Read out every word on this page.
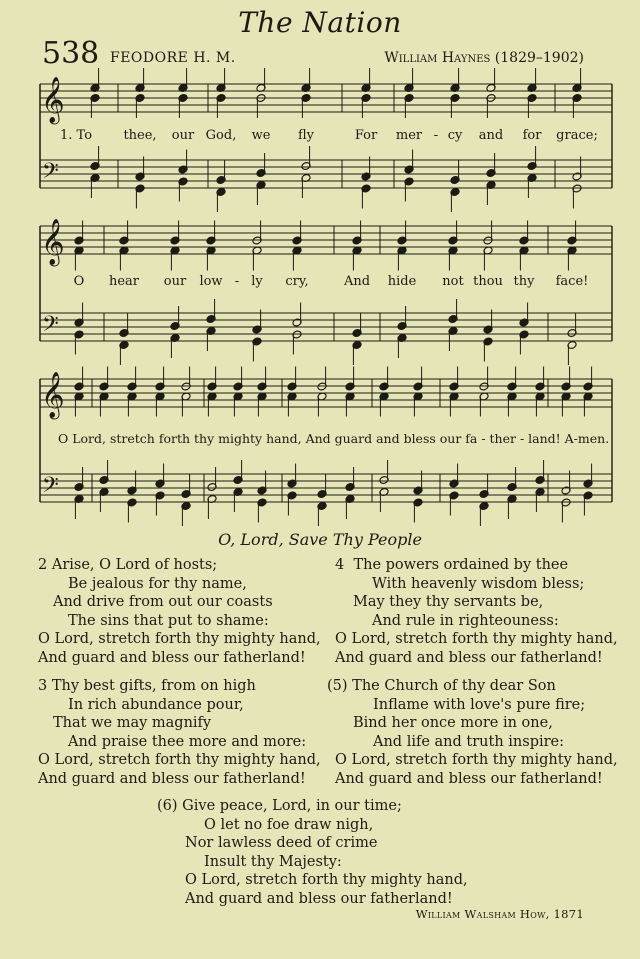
The Nation
538 FEODORE H. M.	William Haynes (1829–1902)
𝄞
𝄢
𝄞
𝄢
𝄞
𝄢
1. To thee, our God, we fly	For mer - cy and for grace;
O hear our low - ly cry,	And hide not thou thy face!
O Lord, stretch forth thy mighty hand, And guard and bless our fa - ther - land! A-men.
O, Lord, Save Thy People
2 Arise, O Lord of hosts;
Be jealous for thy name,
And drive from out our coasts
The sins that put to shame:
O Lord, stretch forth thy mighty hand,
And guard and bless our fatherland!
4 The powers ordained by thee
With heavenly wisdom bless;
May they thy servants be,
And rule in righteouness:
O Lord, stretch forth thy mighty hand,
And guard and bless our fatherland!
3 Thy best gifts, from on high
In rich abundance pour,
That we may magnify
And praise thee more and more:
O Lord, stretch forth thy mighty hand,
And guard and bless our fatherland!
(5) The Church of thy dear Son
Inflame with love's pure fire;
Bind her once more in one,
And life and truth inspire:
O Lord, stretch forth thy mighty hand,
And guard and bless our fatherland!
(6) Give peace, Lord, in our time;
O let no foe draw nigh,
Nor lawless deed of crime
Insult thy Majesty:
O Lord, stretch forth thy mighty hand,
And guard and bless our fatherland!
William Walsham How, 1871
